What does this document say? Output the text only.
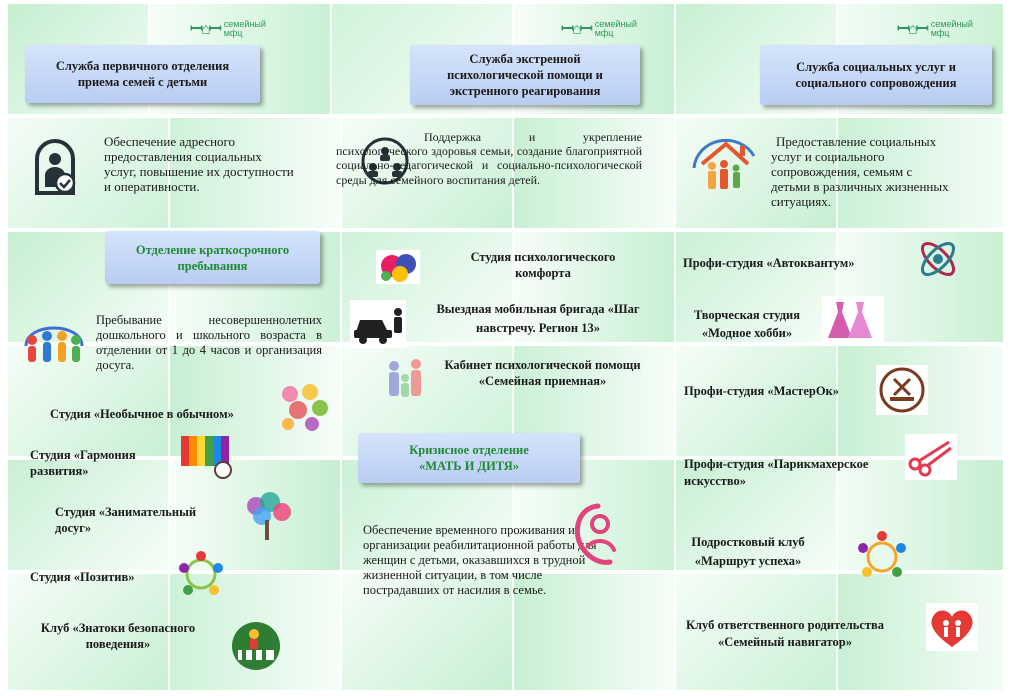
ꟷ⌂ꟷ семейный
мфц	ꟷ⌂ꟷ семейный
мфц	ꟷ⌂ꟷ семейный
мфц
Служба первичного отделения приема семей с детьми
Обеспечение адресного предоставления социальных услуг, повышение их доступности и оперативности.
Отделение краткосрочного пребывания
Пребывание несовершеннолетних дошкольного и школьного возраста в отделении от 1 до 4 часов и организация досуга.
Студия «Необычное в обычном»
Студия «Гармония развития»
Студия «Занимательный досуг»
Студия «Позитив»
Клуб «Знатоки безопасного поведения»
Служба экстренной психологической помощи и экстренного реагирования
Поддержка и укрепление психологического здоровья семьи, создание благоприятной социально-педагогической и социально-психологической среды для семейного воспитания детей.
Студия психологического комфорта
Выездная мобильная бригада «Шаг навстречу. Регион 13»
Кабинет психологической помощи «Семейная приемная»
Кризисное отделение «МАТЬ И ДИТЯ»
Обеспечение временного проживания и организации реабилитационной работы для женщин с детьми, оказавшихся в трудной жизненной ситуации, в том числе пострадавших от насилия в семье.
Служба социальных услуг и социального сопровождения
Предоставление социальных услуг и социального сопровождения, семьям с детьми в различных жизненных ситуациях.
Профи-студия «Автоквантум»
Творческая студия «Модное хобби»
Профи-студия «МастерОк»
Профи-студия «Парикмахерское искусство»
Подростковый клуб «Маршрут успеха»
Клуб ответственного родительства «Семейный навигатор»
